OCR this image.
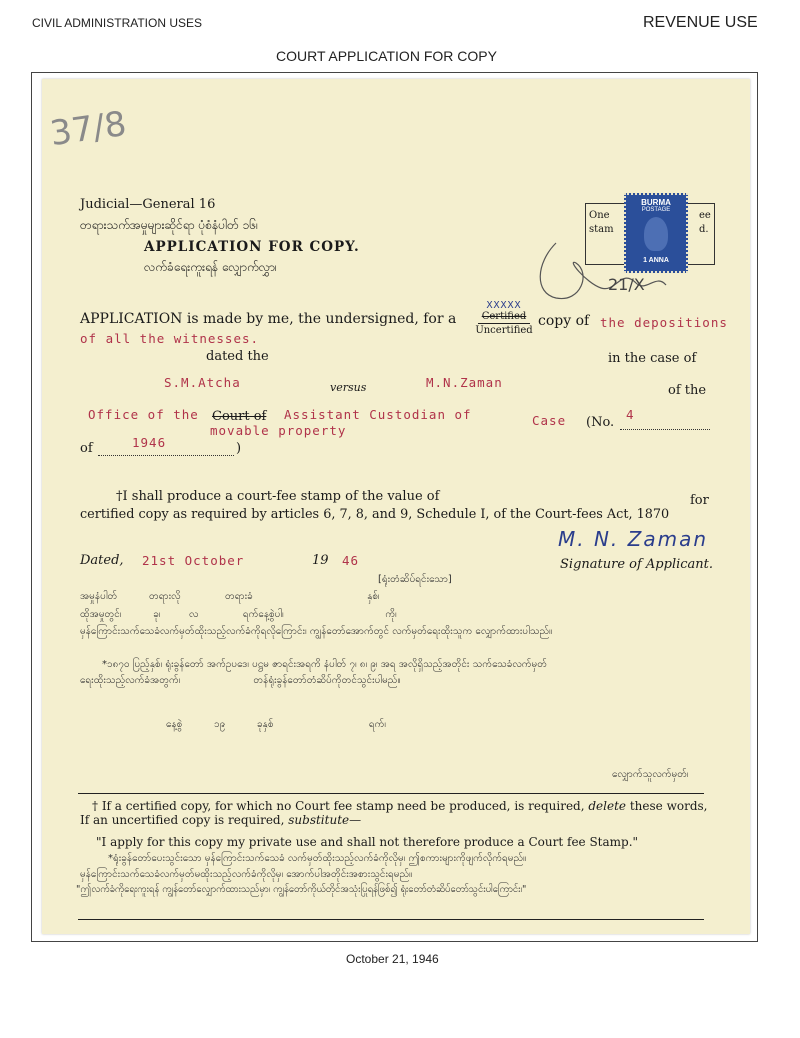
CIVIL ADMINISTRATION USES	REVENUE USE
COURT APPLICATION FOR COPY
37/8
Judicial—General 16
တရားသက်အမှုများဆိုင်ရာ ပုံစံနံပါတ် ၁၆၊
APPLICATION FOR COPY.
လက်ခံရေးကူးရန် လျှောက်လွှာ၊
One
stam
ee
d.
BURMA
POSTAGE
1 ANNA
21/X
APPLICATION is made by me, the undersigned, for a
XXXXX
Certified
Uncertified
copy of the depositions of all the witnesses.
dated the	in the case of
S.M.Atcha	versus	M.N.Zaman
of the
Office of the Court of	Assistant Custodian of movable property
Case (No.
4
of	1946	)
†I shall produce a court-fee stamp of the value of	for
certified copy as required by articles 6, 7, 8, and 9, Schedule I, of the Court-fees Act, 1870
Dated, 21st October	19 46
M. N. Zaman
Signature of Applicant.
[ရုံးတံဆိပ်ရင်းသော]
အမှုနံပါတ်          တရားလို              တရားခံ                                    နှစ်၊
ထိုအမှုတွင်၊          ခု၊         လ              ရက်နေ့စွဲပါ၊                                ကို၊
မှန်ကြောင်းသက်သေခံလက်မှတ်ထိုးသည့်လက်ခံကိုရလိုကြောင်း၊ ကျွန်တော်အောက်တွင် လက်မှတ်ရေးထိုးသူက လျှောက်ထားပါသည်။
*၁၈၇၀ ပြည့်နှစ်၊ ရုံးခွန်တော် အက်ဥပဒေ၊ ပဋ္ဌမ ဇာရင်းအရကိ နံပါတ် ၇၊ ၈၊ ၉၊ အရ အလိုရှိသည့်အတိုင်း သက်သေခံလက်မှတ်
ရေးထိုးသည့်လက်ခံအတွက်၊                       တန်ရုံးခွန်တော်တံဆိပ်ကိုတင်သွင်းပါမည်။
နေ့စွဲ          ၁၉          ခုနှစ်                              ရက်၊
လျှောက်သူလက်မှတ်၊
† If a certified copy, for which no Court fee stamp need be produced, is required, delete these words,
If an uncertified copy is required, substitute—
"I apply for this copy my private use and shall not therefore produce a Court fee Stamp."
*ရုံးခွန်တော်ပေးသွင်းသော မှန်ကြောင်းသက်သေခံ လက်မှတ်ထိုးသည့်လက်ခံကိုလိုမှ၊ ဤစကားများကိုဖျက်လိုက်ရမည်။
မှန်ကြောင်းသက်သေခံလက်မှတ်မထိုးသည့်လက်ခံကိုလိုမှ၊ အောက်ပါအတိုင်းအစားသွင်းရမည်။
"ဤလက်ခံကိုရေးကူးရန် ကျွန်တော်လျှောက်ထားသည်မှာ၊ ကျွန်တော်ကိုယ်တိုင်အသုံးပြုရန်ဖြစ်၍ ရုံးတော်တံဆိပ်တော်သွင်းပါကြောင်း၊"
October 21, 1946
